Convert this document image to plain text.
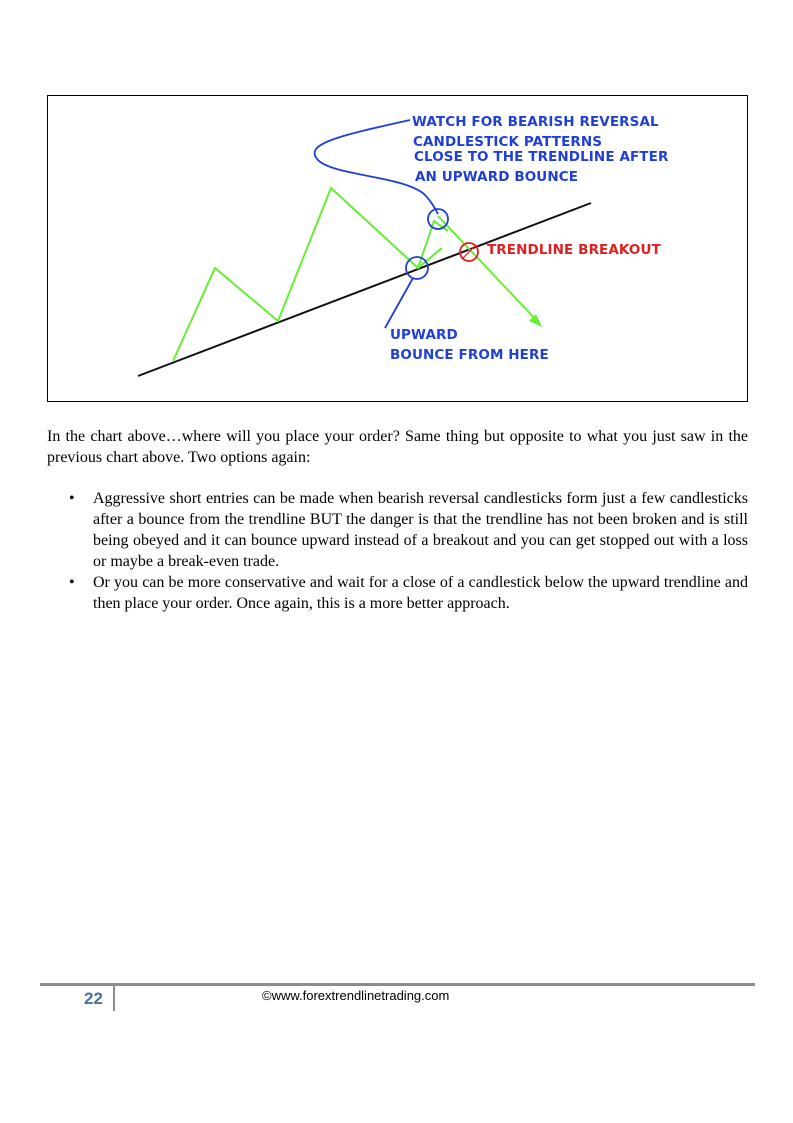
WATCH FOR BEARISH REVERSAL
CANDLESTICK PATTERNS
CLOSE TO THE TRENDLINE AFTER
AN UPWARD BOUNCE
TRENDLINE BREAKOUT
UPWARD
BOUNCE FROM HERE

In the chart above…where will you place your order? Same thing but opposite to what you just saw in the previous chart above. Two options again:

• Aggressive short entries can be made when bearish reversal candlesticks form just a few candlesticks after a bounce from the trendline BUT the danger is that the trendline has not been broken and is still being obeyed and it can bounce upward instead of a breakout and you can get stopped out with a loss or maybe a break-even trade.
• Or you can be more conservative and wait for a close of a candlestick below the upward trendline and then place your order. Once again, this is a more better approach.
22	©www.forextrendlinetrading.com
